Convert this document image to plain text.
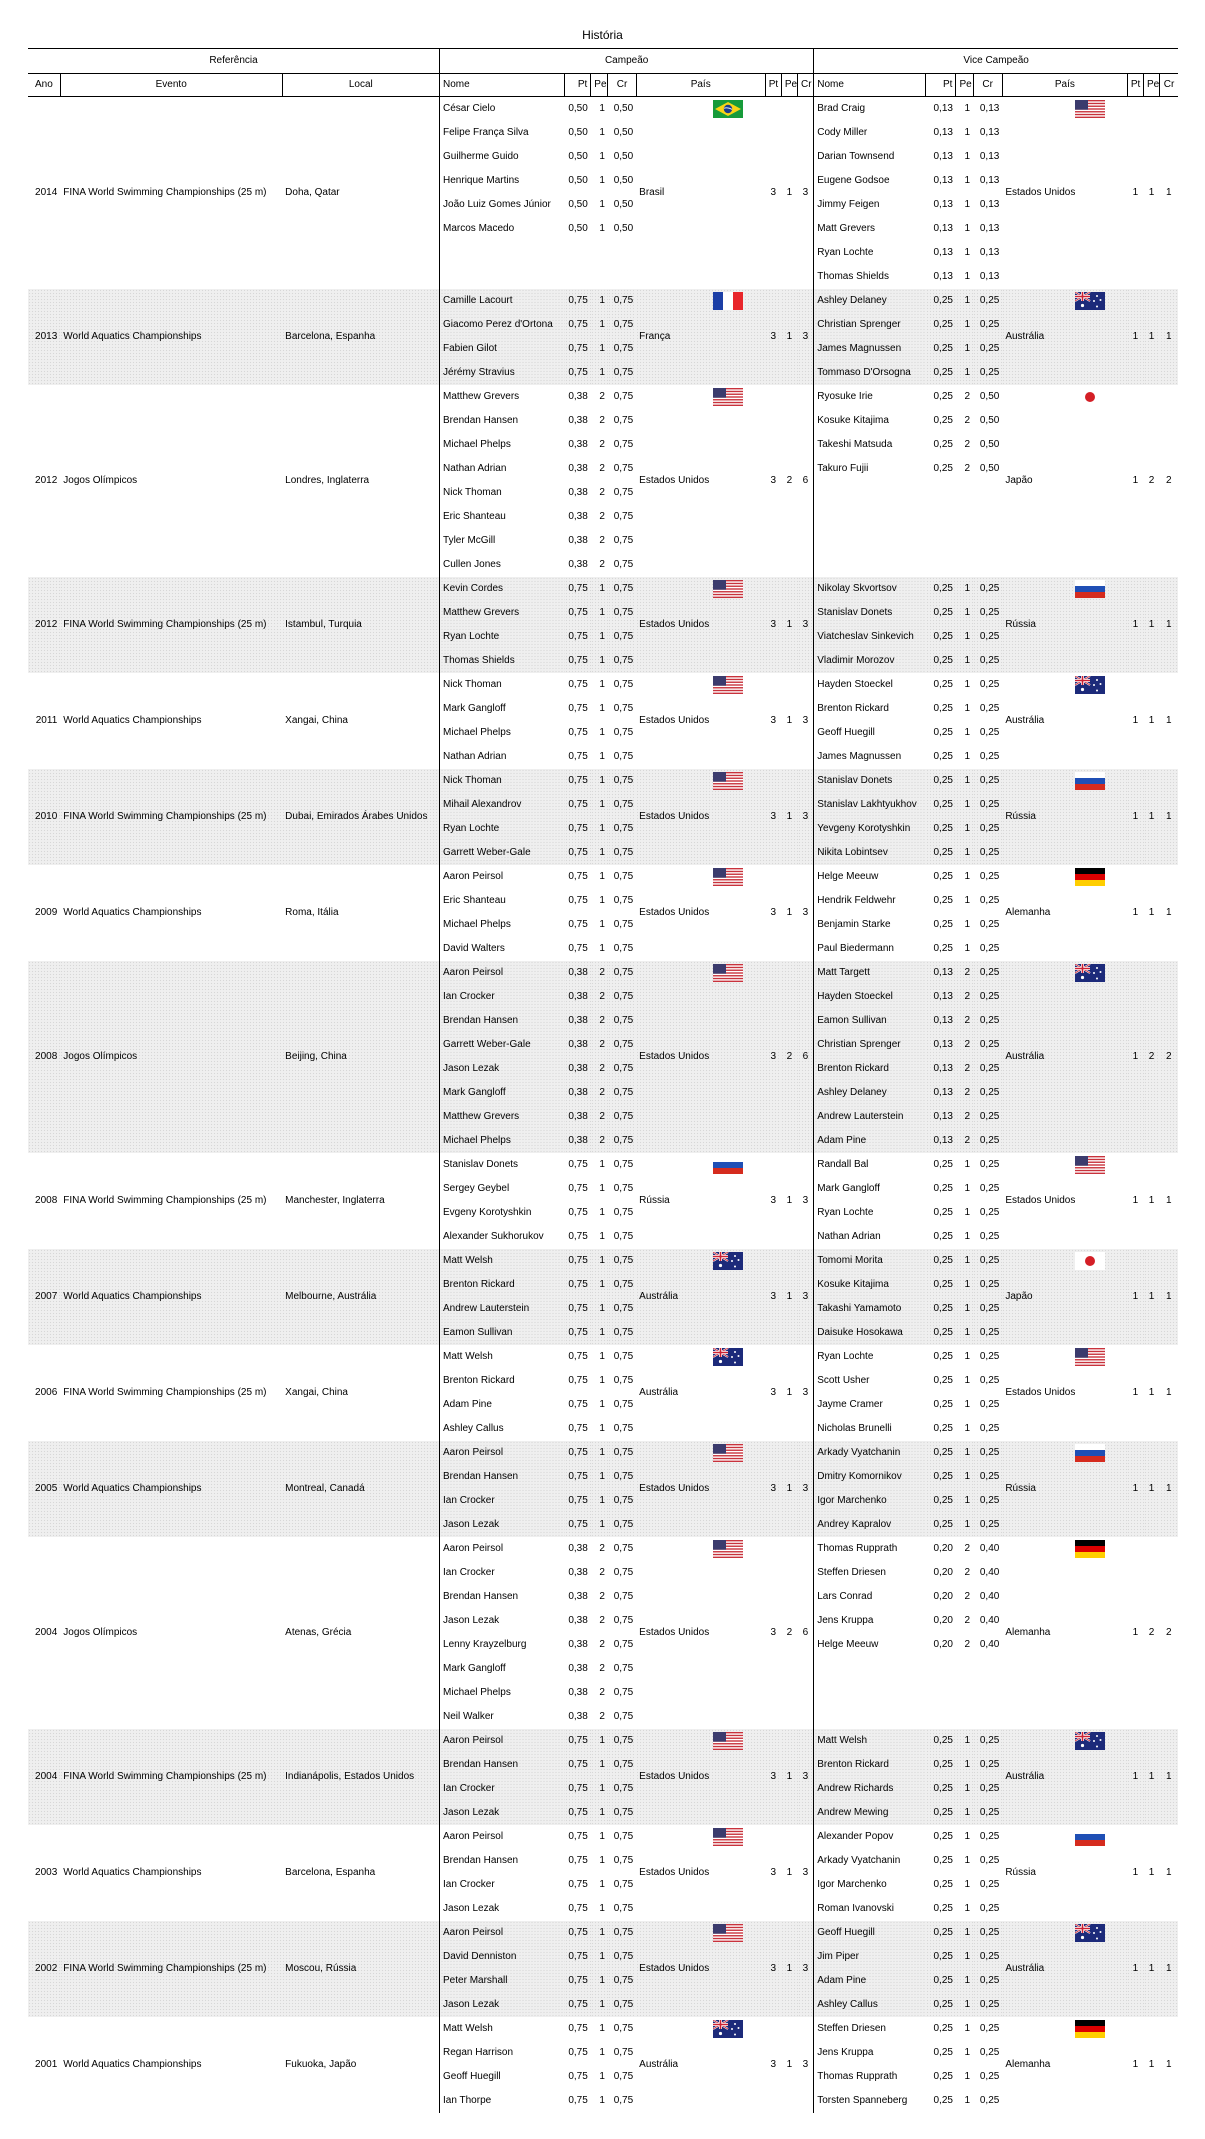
História
Referência			Campeão								Vice Campeão							
Ano	Evento	Local	Nome	Pt	Pe	Cr	País	Pt	Pe	Cr	Nome	Pt	Pe	Cr	País	Pt	Pe	Cr
2014	FINA World Swimming Championships (25 m)	Doha, Qatar	César Cielo	0,50	1	0,50	Brasil	3	1	3	Brad Craig	0,13	1	0,13	Estados Unidos	1	1	1
			Felipe França Silva	0,50	1	0,50					Cody Miller	0,13	1	0,13				
			Guilherme Guido	0,50	1	0,50					Darian Townsend	0,13	1	0,13				
			Henrique Martins	0,50	1	0,50					Eugene Godsoe	0,13	1	0,13				
			João Luiz Gomes Júnior	0,50	1	0,50					Jimmy Feigen	0,13	1	0,13				
			Marcos Macedo	0,50	1	0,50					Matt Grevers	0,13	1	0,13				
											Ryan Lochte	0,13	1	0,13				
											Thomas Shields	0,13	1	0,13				
2013	World Aquatics Championships	Barcelona, Espanha	Camille Lacourt	0,75	1	0,75	França	3	1	3	Ashley Delaney	0,25	1	0,25	Austrália	1	1	1
			Giacomo Perez d'Ortona	0,75	1	0,75					Christian Sprenger	0,25	1	0,25				
			Fabien Gilot	0,75	1	0,75					James Magnussen	0,25	1	0,25				
			Jérémy Stravius	0,75	1	0,75					Tommaso D'Orsogna	0,25	1	0,25				
2012	Jogos Olímpicos	Londres, Inglaterra	Matthew Grevers	0,38	2	0,75	Estados Unidos	3	2	6	Ryosuke Irie	0,25	2	0,50	Japão	1	2	2
			Brendan Hansen	0,38	2	0,75					Kosuke Kitajima	0,25	2	0,50				
			Michael Phelps	0,38	2	0,75					Takeshi Matsuda	0,25	2	0,50				
			Nathan Adrian	0,38	2	0,75					Takuro Fujii	0,25	2	0,50				
			Nick Thoman	0,38	2	0,75												
			Eric Shanteau	0,38	2	0,75												
			Tyler McGill	0,38	2	0,75												
			Cullen Jones	0,38	2	0,75												
2012	FINA World Swimming Championships (25 m)	Istambul, Turquia	Kevin Cordes	0,75	1	0,75	Estados Unidos	3	1	3	Nikolay Skvortsov	0,25	1	0,25	Rússia	1	1	1
			Matthew Grevers	0,75	1	0,75					Stanislav Donets	0,25	1	0,25				
			Ryan Lochte	0,75	1	0,75					Viatcheslav Sinkevich	0,25	1	0,25				
			Thomas Shields	0,75	1	0,75					Vladimir Morozov	0,25	1	0,25				
2011	World Aquatics Championships	Xangai, China	Nick Thoman	0,75	1	0,75	Estados Unidos	3	1	3	Hayden Stoeckel	0,25	1	0,25	Austrália	1	1	1
			Mark Gangloff	0,75	1	0,75					Brenton Rickard	0,25	1	0,25				
			Michael Phelps	0,75	1	0,75					Geoff Huegill	0,25	1	0,25				
			Nathan Adrian	0,75	1	0,75					James Magnussen	0,25	1	0,25				
2010	FINA World Swimming Championships (25 m)	Dubai, Emirados Árabes Unidos	Nick Thoman	0,75	1	0,75	Estados Unidos	3	1	3	Stanislav Donets	0,25	1	0,25	Rússia	1	1	1
			Mihail Alexandrov	0,75	1	0,75					Stanislav Lakhtyukhov	0,25	1	0,25				
			Ryan Lochte	0,75	1	0,75					Yevgeny Korotyshkin	0,25	1	0,25				
			Garrett Weber-Gale	0,75	1	0,75					Nikita Lobintsev	0,25	1	0,25				
2009	World Aquatics Championships	Roma, Itália	Aaron Peirsol	0,75	1	0,75	Estados Unidos	3	1	3	Helge Meeuw	0,25	1	0,25	Alemanha	1	1	1
			Eric Shanteau	0,75	1	0,75					Hendrik Feldwehr	0,25	1	0,25				
			Michael Phelps	0,75	1	0,75					Benjamin Starke	0,25	1	0,25				
			David Walters	0,75	1	0,75					Paul Biedermann	0,25	1	0,25				
2008	Jogos Olímpicos	Beijing, China	Aaron Peirsol	0,38	2	0,75	Estados Unidos	3	2	6	Matt Targett	0,13	2	0,25	Austrália	1	2	2
			Ian Crocker	0,38	2	0,75					Hayden Stoeckel	0,13	2	0,25				
			Brendan Hansen	0,38	2	0,75					Eamon Sullivan	0,13	2	0,25				
			Garrett Weber-Gale	0,38	2	0,75					Christian Sprenger	0,13	2	0,25				
			Jason Lezak	0,38	2	0,75					Brenton Rickard	0,13	2	0,25				
			Mark Gangloff	0,38	2	0,75					Ashley Delaney	0,13	2	0,25				
			Matthew Grevers	0,38	2	0,75					Andrew Lauterstein	0,13	2	0,25				
			Michael Phelps	0,38	2	0,75					Adam Pine	0,13	2	0,25				
2008	FINA World Swimming Championships (25 m)	Manchester, Inglaterra	Stanislav Donets	0,75	1	0,75	Rússia	3	1	3	Randall Bal	0,25	1	0,25	Estados Unidos	1	1	1
			Sergey Geybel	0,75	1	0,75					Mark Gangloff	0,25	1	0,25				
			Evgeny Korotyshkin	0,75	1	0,75					Ryan Lochte	0,25	1	0,25				
			Alexander Sukhorukov	0,75	1	0,75					Nathan Adrian	0,25	1	0,25				
2007	World Aquatics Championships	Melbourne, Austrália	Matt Welsh	0,75	1	0,75	Austrália	3	1	3	Tomomi Morita	0,25	1	0,25	Japão	1	1	1
			Brenton Rickard	0,75	1	0,75					Kosuke Kitajima	0,25	1	0,25				
			Andrew Lauterstein	0,75	1	0,75					Takashi Yamamoto	0,25	1	0,25				
			Eamon Sullivan	0,75	1	0,75					Daisuke Hosokawa	0,25	1	0,25				
2006	FINA World Swimming Championships (25 m)	Xangai, China	Matt Welsh	0,75	1	0,75	Austrália	3	1	3	Ryan Lochte	0,25	1	0,25	Estados Unidos	1	1	1
			Brenton Rickard	0,75	1	0,75					Scott Usher	0,25	1	0,25				
			Adam Pine	0,75	1	0,75					Jayme Cramer	0,25	1	0,25				
			Ashley Callus	0,75	1	0,75					Nicholas Brunelli	0,25	1	0,25				
2005	World Aquatics Championships	Montreal, Canadá	Aaron Peirsol	0,75	1	0,75	Estados Unidos	3	1	3	Arkady Vyatchanin	0,25	1	0,25	Rússia	1	1	1
			Brendan Hansen	0,75	1	0,75					Dmitry Komornikov	0,25	1	0,25				
			Ian Crocker	0,75	1	0,75					Igor Marchenko	0,25	1	0,25				
			Jason Lezak	0,75	1	0,75					Andrey Kapralov	0,25	1	0,25				
2004	Jogos Olímpicos	Atenas, Grécia	Aaron Peirsol	0,38	2	0,75	Estados Unidos	3	2	6	Thomas Rupprath	0,20	2	0,40	Alemanha	1	2	2
			Ian Crocker	0,38	2	0,75					Steffen Driesen	0,20	2	0,40				
			Brendan Hansen	0,38	2	0,75					Lars Conrad	0,20	2	0,40				
			Jason Lezak	0,38	2	0,75					Jens Kruppa	0,20	2	0,40				
			Lenny Krayzelburg	0,38	2	0,75					Helge Meeuw	0,20	2	0,40				
			Mark Gangloff	0,38	2	0,75												
			Michael Phelps	0,38	2	0,75												
			Neil Walker	0,38	2	0,75												
2004	FINA World Swimming Championships (25 m)	Indianápolis, Estados Unidos	Aaron Peirsol	0,75	1	0,75	Estados Unidos	3	1	3	Matt Welsh	0,25	1	0,25	Austrália	1	1	1
			Brendan Hansen	0,75	1	0,75					Brenton Rickard	0,25	1	0,25				
			Ian Crocker	0,75	1	0,75					Andrew Richards	0,25	1	0,25				
			Jason Lezak	0,75	1	0,75					Andrew Mewing	0,25	1	0,25				
2003	World Aquatics Championships	Barcelona, Espanha	Aaron Peirsol	0,75	1	0,75	Estados Unidos	3	1	3	Alexander Popov	0,25	1	0,25	Rússia	1	1	1
			Brendan Hansen	0,75	1	0,75					Arkady Vyatchanin	0,25	1	0,25				
			Ian Crocker	0,75	1	0,75					Igor Marchenko	0,25	1	0,25				
			Jason Lezak	0,75	1	0,75					Roman Ivanovski	0,25	1	0,25				
2002	FINA World Swimming Championships (25 m)	Moscou, Rússia	Aaron Peirsol	0,75	1	0,75	Estados Unidos	3	1	3	Geoff Huegill	0,25	1	0,25	Austrália	1	1	1
			David Denniston	0,75	1	0,75					Jim Piper	0,25	1	0,25				
			Peter Marshall	0,75	1	0,75					Adam Pine	0,25	1	0,25				
			Jason Lezak	0,75	1	0,75					Ashley Callus	0,25	1	0,25				
2001	World Aquatics Championships	Fukuoka, Japão	Matt Welsh	0,75	1	0,75	Austrália	3	1	3	Steffen Driesen	0,25	1	0,25	Alemanha	1	1	1
			Regan Harrison	0,75	1	0,75					Jens Kruppa	0,25	1	0,25				
			Geoff Huegill	0,75	1	0,75					Thomas Rupprath	0,25	1	0,25				
			Ian Thorpe	0,75	1	0,75					Torsten Spanneberg	0,25	1	0,25				
